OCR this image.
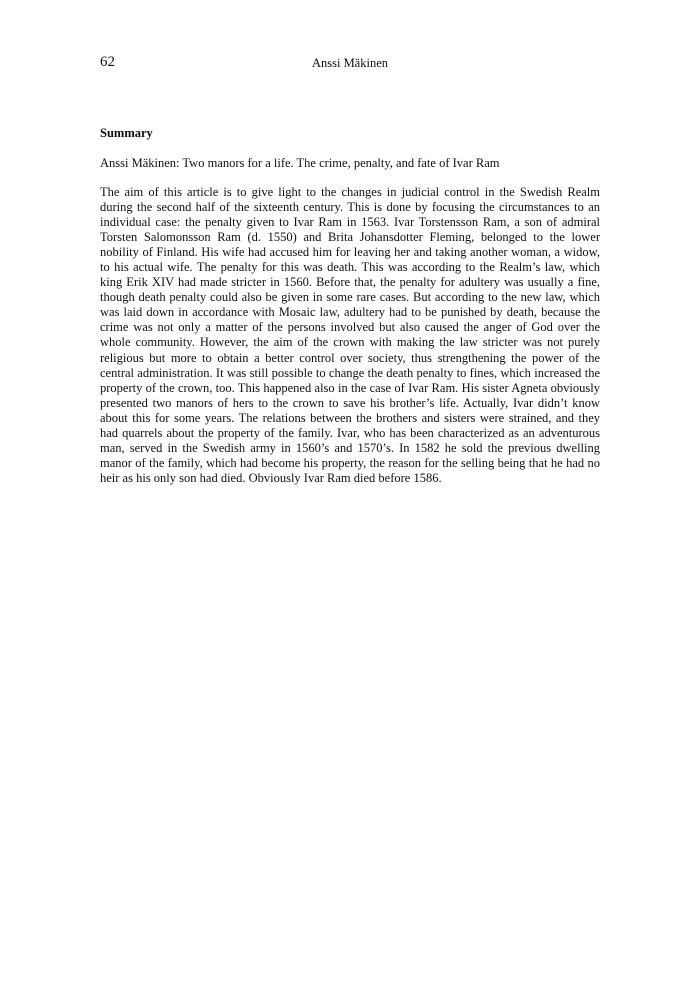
62	Anssi Mäkinen
Summary

Anssi Mäkinen: Two manors for a life. The crime, penalty, and fate of Ivar Ram

The aim of this article is to give light to the changes in judicial control in the Swedish Realm during the second half of the sixteenth century. This is done by focusing the circumstances to an individual case: the penalty given to Ivar Ram in 1563. Ivar Torstensson Ram, a son of admiral Torsten Salomonsson Ram (d. 1550) and Brita Johansdotter Fleming, belonged to the lower nobility of Finland. His wife had accused him for leaving her and taking another woman, a widow, to his actual wife. The penalty for this was death. This was according to the Realm’s law, which king Erik XIV had made stricter in 1560. Before that, the penalty for adultery was usually a fine, though death penalty could also be given in some rare cases. But according to the new law, which was laid down in accordance with Mosaic law, adultery had to be punished by death, because the crime was not only a matter of the persons involved but also caused the anger of God over the whole community. However, the aim of the crown with making the law stricter was not purely religious but more to obtain a better control over society, thus strengthening the power of the central administration. It was still possible to change the death penalty to fines, which increased the property of the crown, too. This happened also in the case of Ivar Ram. His sister Agneta obviously presented two manors of hers to the crown to save his brother’s life. Actually, Ivar didn’t know about this for some years. The relations between the brothers and sisters were strained, and they had quarrels about the property of the family. Ivar, who has been characterized as an adventurous man, served in the Swedish army in 1560’s and 1570’s. In 1582 he sold the previous dwelling manor of the family, which had become his property, the reason for the selling being that he had no heir as his only son had died. Obviously Ivar Ram died before 1586.
